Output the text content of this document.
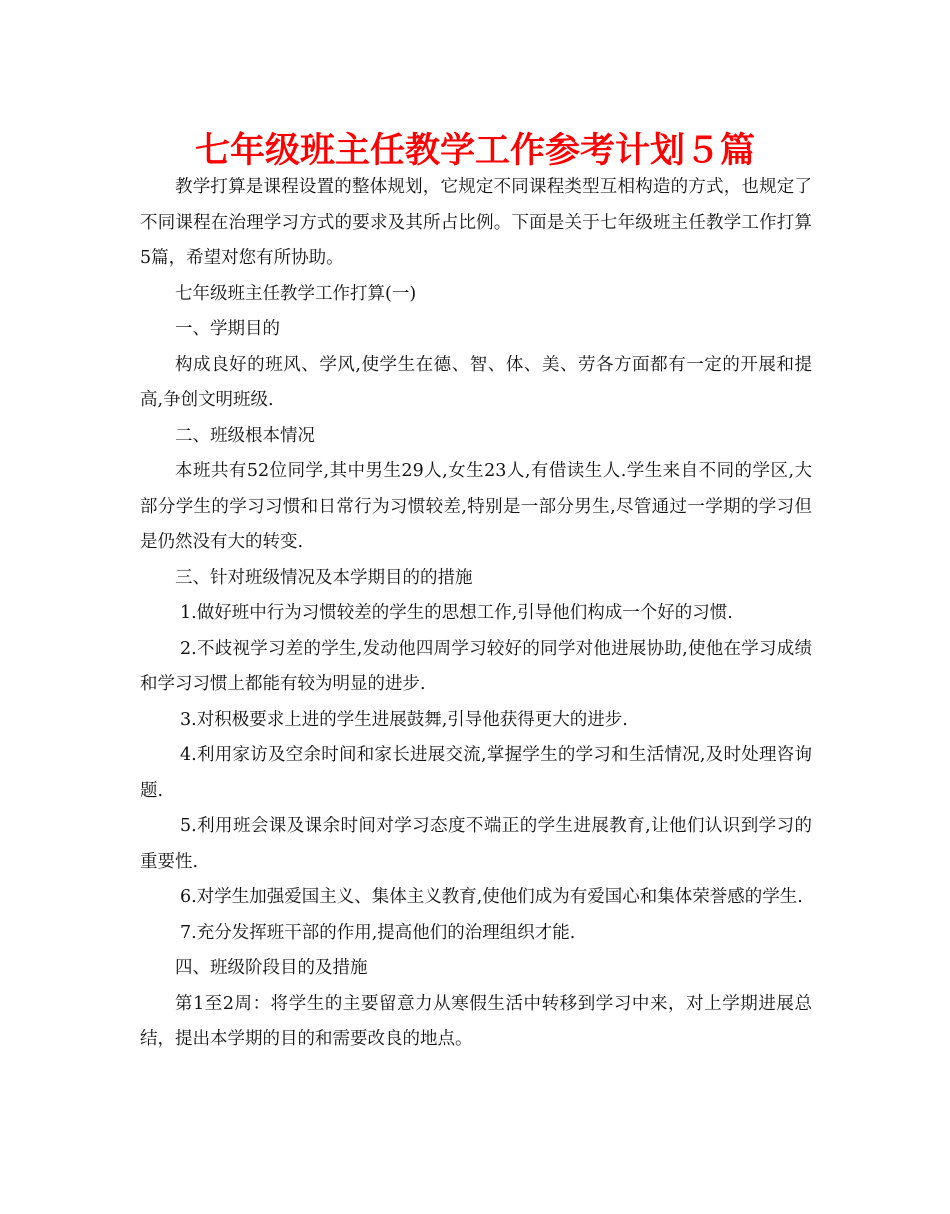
七年级班主任教学工作参考计划５篇

教学打算是课程设置的整体规划，它规定不同课程类型互相构造的方式，也规定了不同课程在治理学习方式的要求及其所占比例。下面是关于七年级班主任教学工作打算5篇，希望对您有所协助。

七年级班主任教学工作打算(一)

一、学期目的

构成良好的班风、学风,使学生在德、智、体、美、劳各方面都有一定的开展和提高,争创文明班级.

二、班级根本情况

本班共有52位同学,其中男生29人,女生23人,有借读生人.学生来自不同的学区,大部分学生的学习习惯和日常行为习惯较差,特别是一部分男生,尽管通过一学期的学习但是仍然没有大的转变.

三、针对班级情况及本学期目的的措施

1.做好班中行为习惯较差的学生的思想工作,引导他们构成一个好的习惯.

2.不歧视学习差的学生,发动他四周学习较好的同学对他进展协助,使他在学习成绩和学习习惯上都能有较为明显的进步.

3.对积极要求上进的学生进展鼓舞,引导他获得更大的进步.

4.利用家访及空余时间和家长进展交流,掌握学生的学习和生活情况,及时处理咨询题.

5.利用班会课及课余时间对学习态度不端正的学生进展教育,让他们认识到学习的重要性.

6.对学生加强爱国主义、集体主义教育,使他们成为有爱国心和集体荣誉感的学生.

7.充分发挥班干部的作用,提高他们的治理组织才能.

四、班级阶段目的及措施

第1至2周：将学生的主要留意力从寒假生活中转移到学习中来，对上学期进展总结，提出本学期的目的和需要改良的地点。
